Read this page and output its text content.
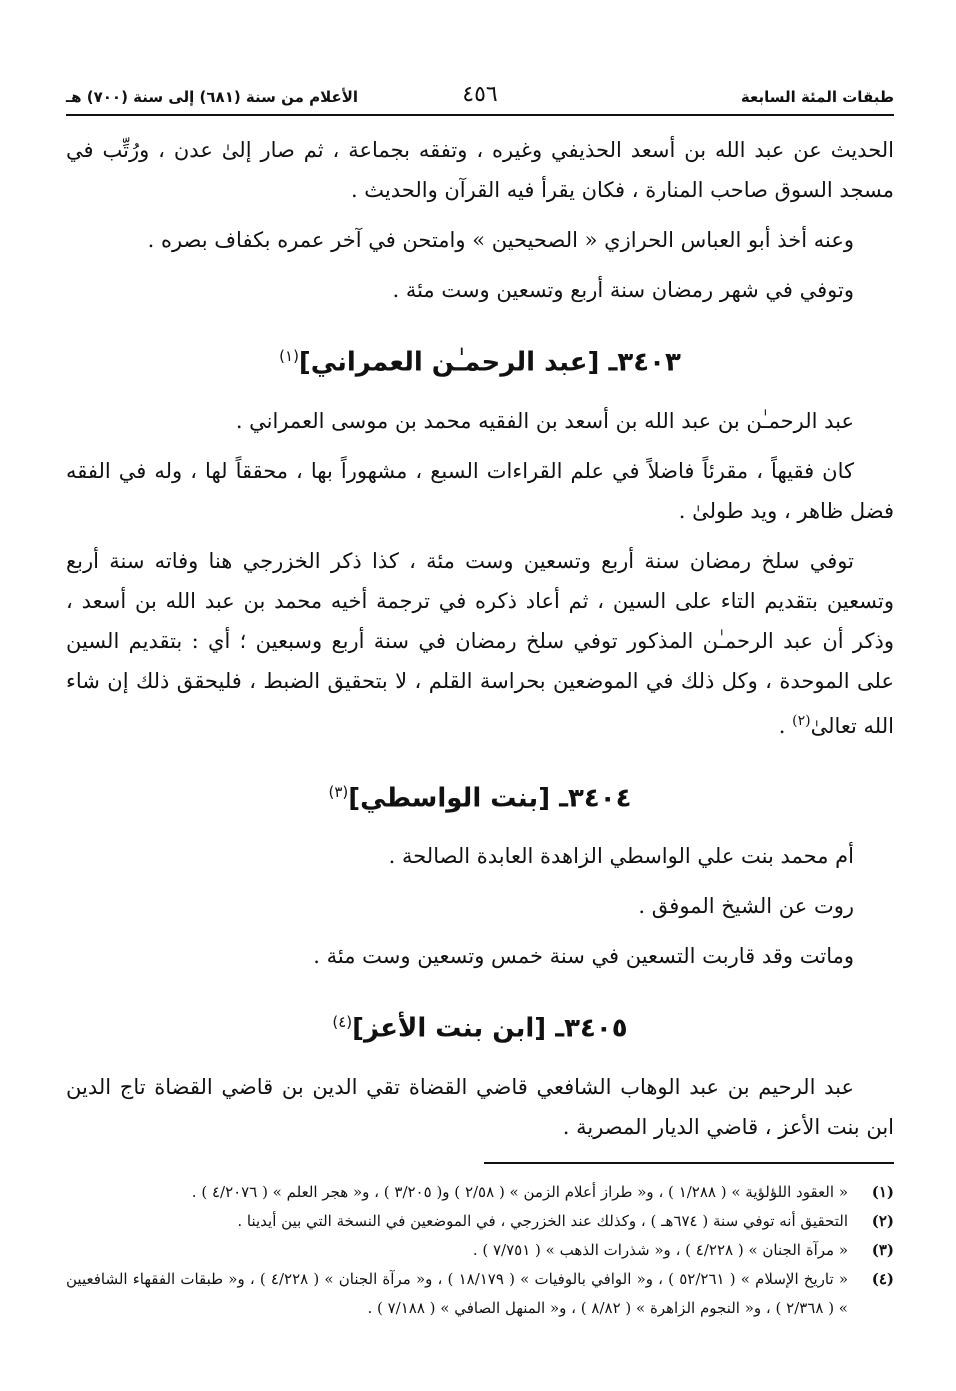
طبقات المئة السابعة
٤٥٦
الأعلام من سنة (٦٨١) إلى سنة (٧٠٠) هـ

الحديث عن عبد الله بن أسعد الحذيفي وغيره ، وتفقه بجماعة ، ثم صار إلىٰ عدن ، ورُتِّب في مسجد السوق صاحب المنارة ، فكان يقرأ فيه القرآن والحديث .

وعنه أخذ أبو العباس الحرازي « الصحيحين » وامتحن في آخر عمره بكفاف بصره .

وتوفي في شهر رمضان سنة أربع وتسعين وست مئة .

٣٤٠٣ـ [عبد الرحمـٰن العمراني]$^{(١)}$

عبد الرحمـٰن بن عبد الله بن أسعد بن الفقيه محمد بن موسى العمراني .

كان فقيهاً ، مقرئاً فاضلاً في علم القراءات السبع ، مشهوراً بها ، محققاً لها ، وله في الفقه فضل ظاهر ، ويد طولىٰ .

توفي سلخ رمضان سنة أربع وتسعين وست مئة ، كذا ذكر الخزرجي هنا وفاته سنة أربع وتسعين بتقديم التاء على السين ، ثم أعاد ذكره في ترجمة أخيه محمد بن عبد الله بن أسعد ، وذكر أن عبد الرحمـٰن المذكور توفي سلخ رمضان في سنة أربع وسبعين ؛ أي : بتقديم السين على الموحدة ، وكل ذلك في الموضعين بحراسة القلم ، لا بتحقيق الضبط ، فليحقق ذلك إن شاء الله تعالىٰ$^{(٢)}$ .

٣٤٠٤ـ [بنت الواسطي]$^{(٣)}$

أم محمد بنت علي الواسطي الزاهدة العابدة الصالحة .

روت عن الشيخ الموفق .

وماتت وقد قاربت التسعين في سنة خمس وتسعين وست مئة .

٣٤٠٥ـ [ابن بنت الأعز]$^{(٤)}$

عبد الرحيم بن عبد الوهاب الشافعي قاضي القضاة تقي الدين بن قاضي القضاة تاج الدين ابن بنت الأعز ، قاضي الديار المصرية .

(١)
« العقود اللؤلؤية » ( ١/٢٨٨ ) ، و« طراز أعلام الزمن » ( ٢/٥٨ ) و( ٣/٢٠٥ ) ، و« هجر العلم » ( ٤/٢٠٧٦ ) .
(٢)
التحقيق أنه توفي سنة ( ٦٧٤هـ ) ، وكذلك عند الخزرجي ، في الموضعين في النسخة التي بين أيدينا .
(٣)
« مرآة الجنان » ( ٤/٢٢٨ ) ، و« شذرات الذهب » ( ٧/٧٥١ ) .
(٤)
« تاريخ الإسلام » ( ٥٢/٢٦١ ) ، و« الوافي بالوفيات » ( ١٨/١٧٩ ) ، و« مرآة الجنان » ( ٤/٢٢٨ ) ، و« طبقات الفقهاء الشافعيين » ( ٢/٣٦٨ ) ، و« النجوم الزاهرة » ( ٨/٨٢ ) ، و« المنهل الصافي » ( ٧/١٨٨ ) .
